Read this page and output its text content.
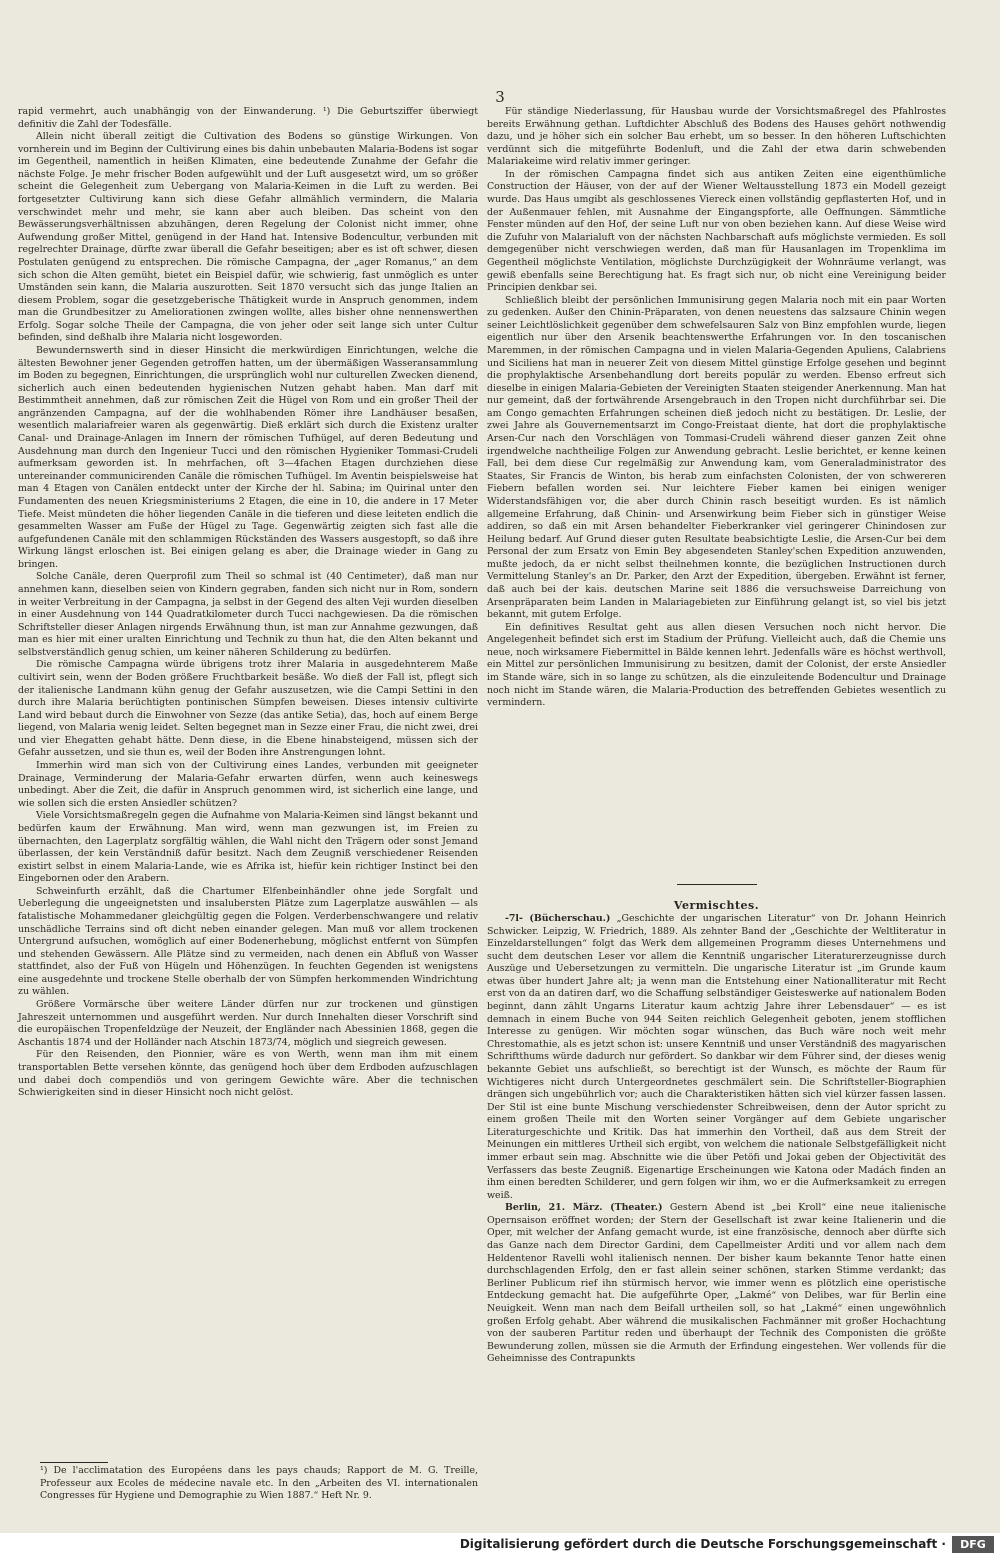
3

rapid vermehrt, auch unabhängig von der Einwanderung. ¹) Die Geburtsziffer überwiegt definitiv die Zahl der Todesfälle.

Allein nicht überall zeitigt die Cultivation des Bodens so günstige Wirkungen. Von vornherein und im Beginn der Cultivirung eines bis dahin unbebauten Malaria-Bodens ist sogar im Gegentheil, namentlich in heißen Klimaten, eine bedeutende Zunahme der Gefahr die nächste Folge. Je mehr frischer Boden aufgewühlt und der Luft ausgesetzt wird, um so größer scheint die Gelegenheit zum Uebergang von Malaria-Keimen in die Luft zu werden. Bei fortgesetzter Cultivirung kann sich diese Gefahr allmählich vermindern, die Malaria verschwindet mehr und mehr, sie kann aber auch bleiben. Das scheint von den Bewässerungsverhältnissen abzuhängen, deren Regelung der Colonist nicht immer, ohne Aufwendung großer Mittel, genügend in der Hand hat. Intensive Bodencultur, verbunden mit regelrechter Drainage, dürfte zwar überall die Gefahr beseitigen; aber es ist oft schwer, diesen Postulaten genügend zu entsprechen. Die römische Campagna, der „ager Romanus,“ an dem sich schon die Alten gemüht, bietet ein Beispiel dafür, wie schwierig, fast unmöglich es unter Umständen sein kann, die Malaria auszurotten. Seit 1870 versucht sich das junge Italien an diesem Problem, sogar die gesetzgeberische Thätigkeit wurde in Anspruch genommen, indem man die Grundbesitzer zu Ameliorationen zwingen wollte, alles bisher ohne nennenswerthen Erfolg. Sogar solche Theile der Campagna, die von jeher oder seit lange sich unter Cultur befinden, sind deßhalb ihre Malaria nicht losgeworden.

Bewundernswerth sind in dieser Hinsicht die merkwürdigen Einrichtungen, welche die ältesten Bewohner jener Gegenden getroffen hatten, um der übermäßigen Wasseransammlung im Boden zu begegnen, Einrichtungen, die ursprünglich wohl nur culturellen Zwecken dienend, sicherlich auch einen bedeutenden hygienischen Nutzen gehabt haben. Man darf mit Bestimmtheit annehmen, daß zur römischen Zeit die Hügel von Rom und ein großer Theil der angränzenden Campagna, auf der die wohlhabenden Römer ihre Landhäuser besaßen, wesentlich malariafreier waren als gegenwärtig. Dieß erklärt sich durch die Existenz uralter Canal- und Drainage-Anlagen im Innern der römischen Tufhügel, auf deren Bedeutung und Ausdehnung man durch den Ingenieur Tucci und den römischen Hygieniker Tommasi-Crudeli aufmerksam geworden ist. In mehrfachen, oft 3—4fachen Etagen durchziehen diese untereinander communicirenden Canäle die römischen Tufhügel. Im Aventin beispielsweise hat man 4 Etagen von Canälen entdeckt unter der Kirche der hl. Sabina; im Quirinal unter den Fundamenten des neuen Kriegsministeriums 2 Etagen, die eine in 10, die andere in 17 Meter Tiefe. Meist mündeten die höher liegenden Canäle in die tieferen und diese leiteten endlich die gesammelten Wasser am Fuße der Hügel zu Tage. Gegenwärtig zeigten sich fast alle die aufgefundenen Canäle mit den schlammigen Rückständen des Wassers ausgestopft, so daß ihre Wirkung längst erloschen ist. Bei einigen gelang es aber, die Drainage wieder in Gang zu bringen.

Solche Canäle, deren Querprofil zum Theil so schmal ist (40 Centimeter), daß man nur annehmen kann, dieselben seien von Kindern gegraben, fanden sich nicht nur in Rom, sondern in weiter Verbreitung in der Campagna, ja selbst in der Gegend des alten Veji wurden dieselben in einer Ausdehnung von 144 Quadratkilometer durch Tucci nachgewiesen. Da die römischen Schriftsteller dieser Anlagen nirgends Erwähnung thun, ist man zur Annahme gezwungen, daß man es hier mit einer uralten Einrichtung und Technik zu thun hat, die den Alten bekannt und selbstverständlich genug schien, um keiner näheren Schilderung zu bedürfen.

Die römische Campagna würde übrigens trotz ihrer Malaria in ausgedehnterem Maße cultivirt sein, wenn der Boden größere Fruchtbarkeit besäße. Wo dieß der Fall ist, pflegt sich der italienische Landmann kühn genug der Gefahr auszusetzen, wie die Campi Settini in den durch ihre Malaria berüchtigten pontinischen Sümpfen beweisen. Dieses intensiv cultivirte Land wird bebaut durch die Einwohner von Sezze (das antike Setia), das, hoch auf einem Berge liegend, von Malaria wenig leidet. Selten begegnet man in Sezze einer Frau, die nicht zwei, drei und vier Ehegatten gehabt hätte. Denn diese, in die Ebene hinabsteigend, müssen sich der Gefahr aussetzen, und sie thun es, weil der Boden ihre Anstrengungen lohnt.

Immerhin wird man sich von der Cultivirung eines Landes, verbunden mit geeigneter Drainage, Verminderung der Malaria-Gefahr erwarten dürfen, wenn auch keineswegs unbedingt. Aber die Zeit, die dafür in Anspruch genommen wird, ist sicherlich eine lange, und wie sollen sich die ersten Ansiedler schützen?

Viele Vorsichtsmaßregeln gegen die Aufnahme von Malaria-Keimen sind längst bekannt und bedürfen kaum der Erwähnung. Man wird, wenn man gezwungen ist, im Freien zu übernachten, den Lagerplatz sorgfältig wählen, die Wahl nicht den Trägern oder sonst Jemand überlassen, der kein Verständniß dafür besitzt. Nach dem Zeugniß verschiedener Reisenden existirt selbst in einem Malaria-Lande, wie es Afrika ist, hiefür kein richtiger Instinct bei den Eingebornen oder den Arabern.

Schweinfurth erzählt, daß die Chartumer Elfenbeinhändler ohne jede Sorgfalt und Ueberlegung die ungeeignetsten und insalubersten Plätze zum Lagerplatze auswählen — als fatalistische Mohammedaner gleichgültig gegen die Folgen. Verderbenschwangere und relativ unschädliche Terrains sind oft dicht neben einander gelegen. Man muß vor allem trockenen Untergrund aufsuchen, womöglich auf einer Bodenerhebung, möglichst entfernt von Sümpfen und stehenden Gewässern. Alle Plätze sind zu vermeiden, nach denen ein Abfluß von Wasser stattfindet, also der Fuß von Hügeln und Höhenzügen. In feuchten Gegenden ist wenigstens eine ausgedehnte und trockene Stelle oberhalb der von Sümpfen herkommenden Windrichtung zu wählen.

Größere Vormärsche über weitere Länder dürfen nur zur trockenen und günstigen Jahreszeit unternommen und ausgeführt werden. Nur durch Innehalten dieser Vorschrift sind die europäischen Tropenfeldzüge der Neuzeit, der Engländer nach Abessinien 1868, gegen die Aschantis 1874 und der Holländer nach Atschin 1873/74, möglich und siegreich gewesen.

Für den Reisenden, den Pionnier, wäre es von Werth, wenn man ihm mit einem transportablen Bette versehen könnte, das genügend hoch über dem Erdboden aufzuschlagen und dabei doch compendiös und von geringem Gewichte wäre. Aber die technischen Schwierigkeiten sind in dieser Hinsicht noch nicht gelöst.

¹) De l'acclimatation des Européens dans les pays chauds; Rapport de M. G. Treille, Professeur aux Ecoles de médecine navale etc. In den „Arbeiten des VI. internationalen Congresses für Hygiene und Demographie zu Wien 1887.“ Heft Nr. 9.

Für ständige Niederlassung, für Hausbau wurde der Vorsichtsmaßregel des Pfahlrostes bereits Erwähnung gethan. Luftdichter Abschluß des Bodens des Hauses gehört nothwendig dazu, und je höher sich ein solcher Bau erhebt, um so besser. In den höheren Luftschichten verdünnt sich die mitgeführte Bodenluft, und die Zahl der etwa darin schwebenden Malariakeime wird relativ immer geringer.

In der römischen Campagna findet sich aus antiken Zeiten eine eigenthümliche Construction der Häuser, von der auf der Wiener Weltausstellung 1873 ein Modell gezeigt wurde. Das Haus umgibt als geschlossenes Viereck einen vollständig gepflasterten Hof, und in der Außenmauer fehlen, mit Ausnahme der Eingangspforte, alle Oeffnungen. Sämmtliche Fenster münden auf den Hof, der seine Luft nur von oben beziehen kann. Auf diese Weise wird die Zufuhr von Malarialuft von der nächsten Nachbarschaft aufs möglichste vermieden. Es soll demgegenüber nicht verschwiegen werden, daß man für Hausanlagen im Tropenklima im Gegentheil möglichste Ventilation, möglichste Durchzügigkeit der Wohnräume verlangt, was gewiß ebenfalls seine Berechtigung hat. Es fragt sich nur, ob nicht eine Vereinigung beider Principien denkbar sei.

Schließlich bleibt der persönlichen Immunisirung gegen Malaria noch mit ein paar Worten zu gedenken. Außer den Chinin-Präparaten, von denen neuestens das salzsaure Chinin wegen seiner Leichtlöslichkeit gegenüber dem schwefelsauren Salz von Binz empfohlen wurde, liegen eigentlich nur über den Arsenik beachtenswerthe Erfahrungen vor. In den toscanischen Maremmen, in der römischen Campagna und in vielen Malaria-Gegenden Apuliens, Calabriens und Siciliens hat man in neuerer Zeit von diesem Mittel günstige Erfolge gesehen und beginnt die prophylaktische Arsenbehandlung dort bereits populär zu werden. Ebenso erfreut sich dieselbe in einigen Malaria-Gebieten der Vereinigten Staaten steigender Anerkennung. Man hat nur gemeint, daß der fortwährende Arsengebrauch in den Tropen nicht durchführbar sei. Die am Congo gemachten Erfahrungen scheinen dieß jedoch nicht zu bestätigen. Dr. Leslie, der zwei Jahre als Gouvernementsarzt im Congo-Freistaat diente, hat dort die prophylaktische Arsen-Cur nach den Vorschlägen von Tommasi-Crudeli während dieser ganzen Zeit ohne irgendwelche nachtheilige Folgen zur Anwendung gebracht. Leslie berichtet, er kenne keinen Fall, bei dem diese Cur regelmäßig zur Anwendung kam, vom Generaladministrator des Staates, Sir Francis de Winton, bis herab zum einfachsten Colonisten, der von schwereren Fiebern befallen worden sei. Nur leichtere Fieber kamen bei einigen weniger Widerstandsfähigen vor, die aber durch Chinin rasch beseitigt wurden. Es ist nämlich allgemeine Erfahrung, daß Chinin- und Arsenwirkung beim Fieber sich in günstiger Weise addiren, so daß ein mit Arsen behandelter Fieberkranker viel geringerer Chinindosen zur Heilung bedarf. Auf Grund dieser guten Resultate beabsichtigte Leslie, die Arsen-Cur bei dem Personal der zum Ersatz von Emin Bey abgesendeten Stanley'schen Expedition anzuwenden, mußte jedoch, da er nicht selbst theilnehmen konnte, die bezüglichen Instructionen durch Vermittelung Stanley's an Dr. Parker, den Arzt der Expedition, übergeben. Erwähnt ist ferner, daß auch bei der kais. deutschen Marine seit 1886 die versuchsweise Darreichung von Arsenpräparaten beim Landen in Malariagebieten zur Einführung gelangt ist, so viel bis jetzt bekannt, mit gutem Erfolge.

Ein definitives Resultat geht aus allen diesen Versuchen noch nicht hervor. Die Angelegenheit befindet sich erst im Stadium der Prüfung. Vielleicht auch, daß die Chemie uns neue, noch wirksamere Fiebermittel in Bälde kennen lehrt. Jedenfalls wäre es höchst werthvoll, ein Mittel zur persönlichen Immunisirung zu besitzen, damit der Colonist, der erste Ansiedler im Stande wäre, sich in so lange zu schützen, als die einzuleitende Bodencultur und Drainage noch nicht im Stande wären, die Malaria-Production des betreffenden Gebietes wesentlich zu vermindern.

Vermischtes.

-7l- (Bücherschau.) „Geschichte der ungarischen Literatur“ von Dr. Johann Heinrich Schwicker. Leipzig, W. Friedrich, 1889. Als zehnter Band der „Geschichte der Weltliteratur in Einzeldarstellungen“ folgt das Werk dem allgemeinen Programm dieses Unternehmens und sucht dem deutschen Leser vor allem die Kenntniß ungarischer Literaturerzeugnisse durch Auszüge und Uebersetzungen zu vermitteln. Die ungarische Literatur ist „im Grunde kaum etwas über hundert Jahre alt; ja wenn man die Entstehung einer Nationalliteratur mit Recht erst von da an datiren darf, wo die Schaffung selbständiger Geisteswerke auf nationalem Boden beginnt, dann zählt Ungarns Literatur kaum achtzig Jahre ihrer Lebensdauer“ — es ist demnach in einem Buche von 944 Seiten reichlich Gelegenheit geboten, jenem stofflichen Interesse zu genügen. Wir möchten sogar wünschen, das Buch wäre noch weit mehr Chrestomathie, als es jetzt schon ist: unsere Kenntniß und unser Verständniß des magyarischen Schriftthums würde dadurch nur gefördert. So dankbar wir dem Führer sind, der dieses wenig bekannte Gebiet uns aufschließt, so berechtigt ist der Wunsch, es möchte der Raum für Wichtigeres nicht durch Untergeordnetes geschmälert sein. Die Schriftsteller-Biographien drängen sich ungebührlich vor; auch die Charakteristiken hätten sich viel kürzer fassen lassen. Der Stil ist eine bunte Mischung verschiedenster Schreibweisen, denn der Autor spricht zu einem großen Theile mit den Worten seiner Vorgänger auf dem Gebiete ungarischer Literaturgeschichte und Kritik. Das hat immerhin den Vortheil, daß aus dem Streit der Meinungen ein mittleres Urtheil sich ergibt, von welchem die nationale Selbstgefälligkeit nicht immer erbaut sein mag. Abschnitte wie die über Petöfi und Jokai geben der Objectivität des Verfassers das beste Zeugniß. Eigenartige Erscheinungen wie Katona oder Madách finden an ihm einen beredten Schilderer, und gern folgen wir ihm, wo er die Aufmerksamkeit zu erregen weiß.

Berlin, 21. März. (Theater.) Gestern Abend ist „bei Kroll“ eine neue italienische Opernsaison eröffnet worden; der Stern der Gesellschaft ist zwar keine Italienerin und die Oper, mit welcher der Anfang gemacht wurde, ist eine französische, dennoch aber dürfte sich das Ganze nach dem Director Gardini, dem Capellmeister Arditi und vor allem nach dem Heldentenor Ravelli wohl italienisch nennen. Der bisher kaum bekannte Tenor hatte einen durchschlagenden Erfolg, den er fast allein seiner schönen, starken Stimme verdankt; das Berliner Publicum rief ihn stürmisch hervor, wie immer wenn es plötzlich eine operistische Entdeckung gemacht hat. Die aufgeführte Oper, „Lakmé“ von Delibes, war für Berlin eine Neuigkeit. Wenn man nach dem Beifall urtheilen soll, so hat „Lakmé“ einen ungewöhnlich großen Erfolg gehabt. Aber während die musikalischen Fachmänner mit großer Hochachtung von der sauberen Partitur reden und überhaupt der Technik des Componisten die größte Bewunderung zollen, müssen sie die Armuth der Erfindung eingestehen. Wer vollends für die Geheimnisse des Contrapunkts

Digitalisierung gefördert durch die Deutsche Forschungsgemeinschaft ·	DFG
